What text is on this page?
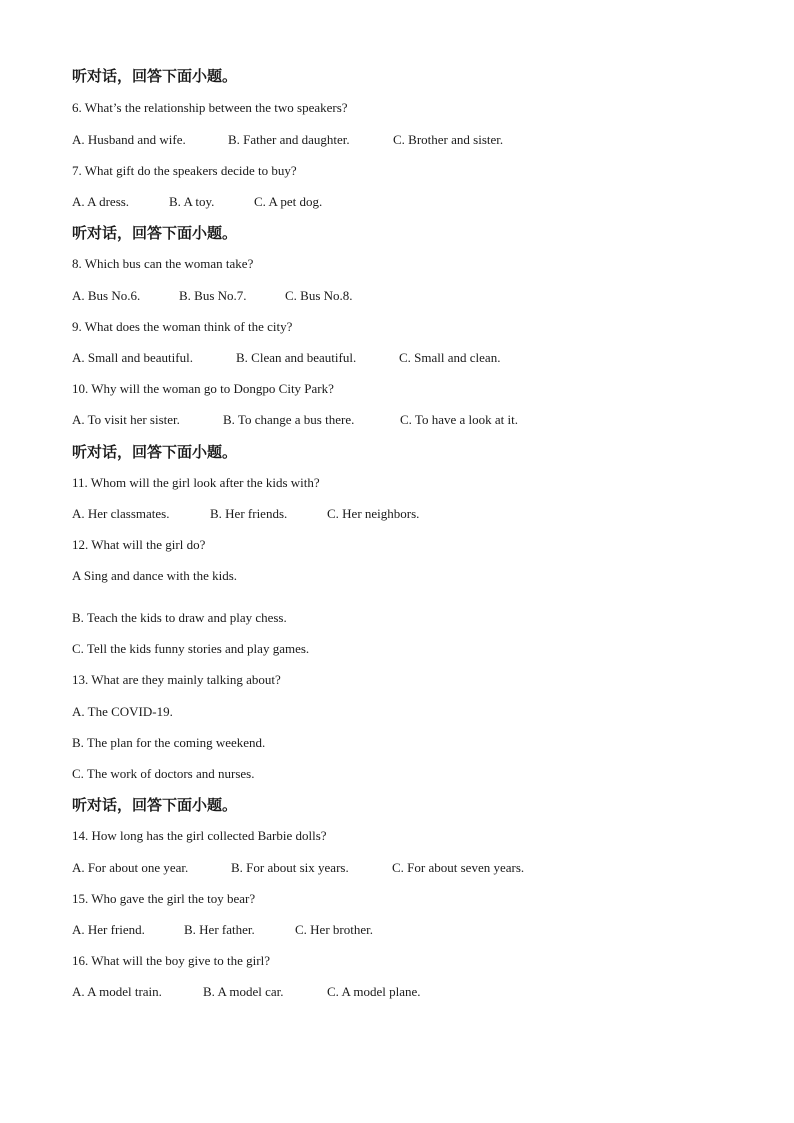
听对话，回答下面小题。
6. What’s the relationship between the two speakers?
A. Husband and wife.	B. Father and daughter.	C. Brother and sister.
7. What gift do the speakers decide to buy?
A. A dress.	B. A toy.	C. A pet dog.
听对话，回答下面小题。
8. Which bus can the woman take?
A. Bus No.6.	B. Bus No.7.	C. Bus No.8.
9. What does the woman think of the city?
A. Small and beautiful.	B. Clean and beautiful.	C. Small and clean.
10. Why will the woman go to Dongpo City Park?
A. To visit her sister.	B. To change a bus there.	C. To have a look at it.
听对话，回答下面小题。
11. Whom will the girl look after the kids with?
A. Her classmates.	B. Her friends.	C. Her neighbors.
12. What will the girl do?
A Sing and dance with the kids.
B. Teach the kids to draw and play chess.
C. Tell the kids funny stories and play games.
13. What are they mainly talking about?
A. The COVID-19.
B. The plan for the coming weekend.
C. The work of doctors and nurses.
听对话，回答下面小题。
14. How long has the girl collected Barbie dolls?
A. For about one year.	B. For about six years.	C. For about seven years.
15. Who gave the girl the toy bear?
A. Her friend.	B. Her father.	C. Her brother.
16. What will the boy give to the girl?
A. A model train.	B. A model car.	C. A model plane.
